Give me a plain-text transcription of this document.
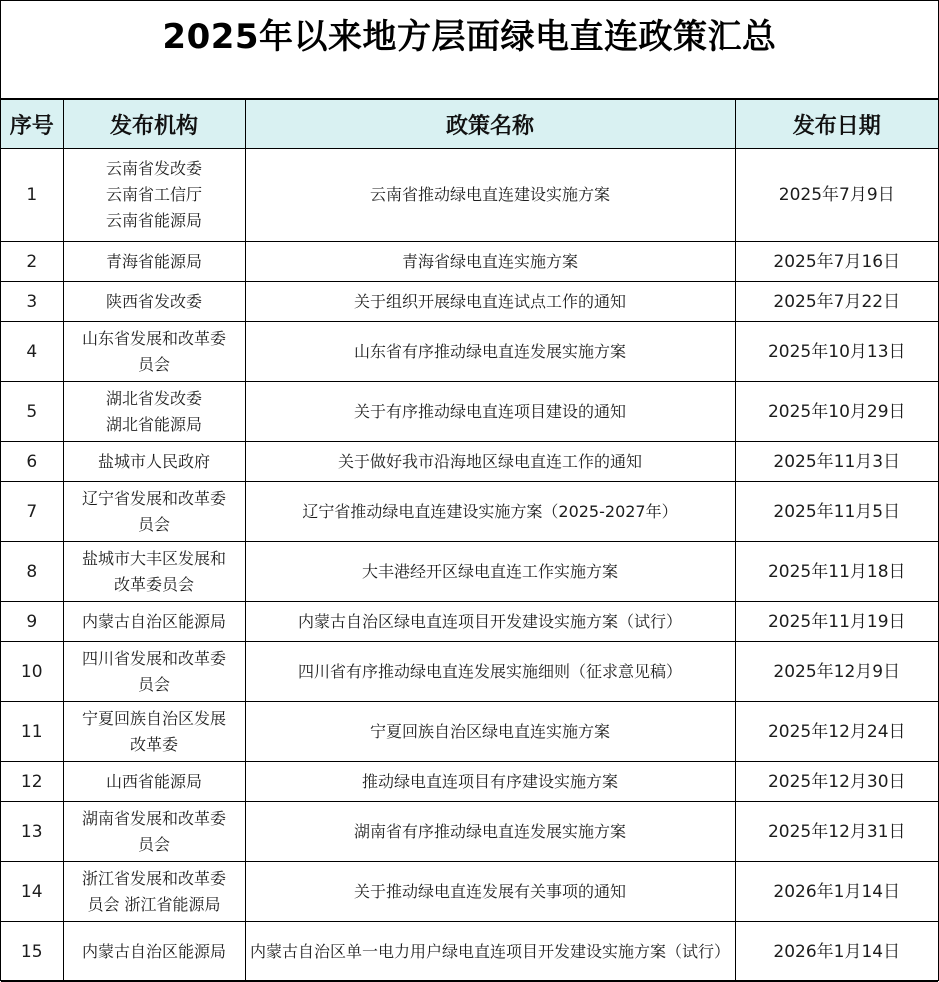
2025年以来地方层面绿电直连政策汇总
序号	发布机构	政策名称	发布日期
1	云南省发改委
云南省工信厅
云南省能源局	云南省推动绿电直连建设实施方案	2025年7月9日
2	青海省能源局	青海省绿电直连实施方案	2025年7月16日
3	陕西省发改委	关于组织开展绿电直连试点工作的通知	2025年7月22日
4	山东省发展和改革委
员会	山东省有序推动绿电直连发展实施方案	2025年10月13日
5	湖北省发改委
湖北省能源局	关于有序推动绿电直连项目建设的通知	2025年10月29日
6	盐城市人民政府	关于做好我市沿海地区绿电直连工作的通知	2025年11月3日
7	辽宁省发展和改革委
员会	辽宁省推动绿电直连建设实施方案（2025-2027年）	2025年11月5日
8	盐城市大丰区发展和
改革委员会	大丰港经开区绿电直连工作实施方案	2025年11月18日
9	内蒙古自治区能源局	内蒙古自治区绿电直连项目开发建设实施方案（试行）	2025年11月19日
10	四川省发展和改革委
员会	四川省有序推动绿电直连发展实施细则（征求意见稿）	2025年12月9日
11	宁夏回族自治区发展
改革委	宁夏回族自治区绿电直连实施方案	2025年12月24日
12	山西省能源局	推动绿电直连项目有序建设实施方案	2025年12月30日
13	湖南省发展和改革委
员会	湖南省有序推动绿电直连发展实施方案	2025年12月31日
14	浙江省发展和改革委
员会 浙江省能源局	关于推动绿电直连发展有关事项的通知	2026年1月14日
15	内蒙古自治区能源局	内蒙古自治区单一电力用户绿电直连项目开发建设实施方案（试行）	2026年1月14日
